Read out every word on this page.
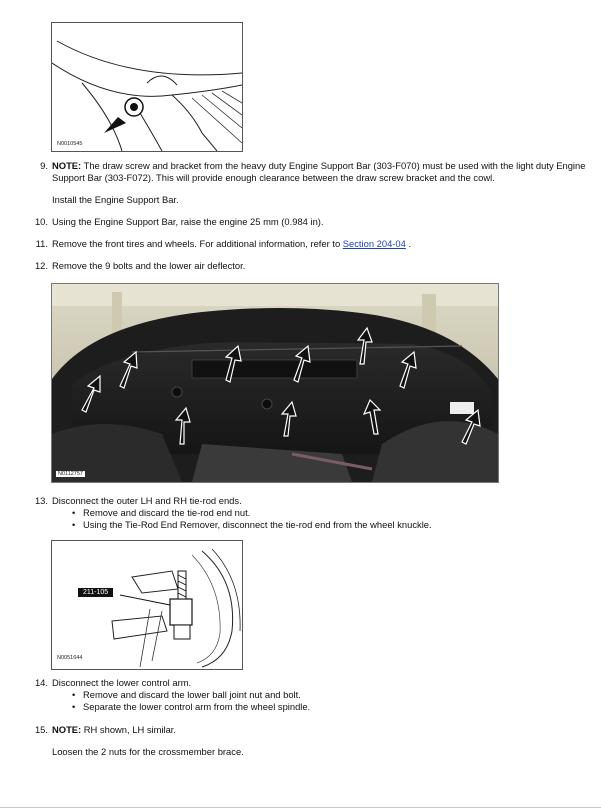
N0010545
9. NOTE: The draw screw and bracket from the heavy duty Engine Support Bar (303-F070) must be used with the light duty Engine Support Bar (303-F072). This will provide enough clearance between the draw screw bracket and the cowl.
Install the Engine Support Bar.
10. Using the Engine Support Bar, raise the engine 25 mm (0.984 in).
11. Remove the front tires and wheels. For additional information, refer to Section 204-04 .
12. Remove the 9 bolts and the lower air deflector.
N0112757
13. Disconnect the outer LH and RH tie-rod ends.
• Remove and discard the tie-rod end nut.
• Using the Tie-Rod End Remover, disconnect the tie-rod end from the wheel knuckle.
211-105
N0051644
14. Disconnect the lower control arm.
• Remove and discard the lower ball joint nut and bolt.
• Separate the lower control arm from the wheel spindle.
15. NOTE: RH shown, LH similar.
Loosen the 2 nuts for the crossmember brace.
